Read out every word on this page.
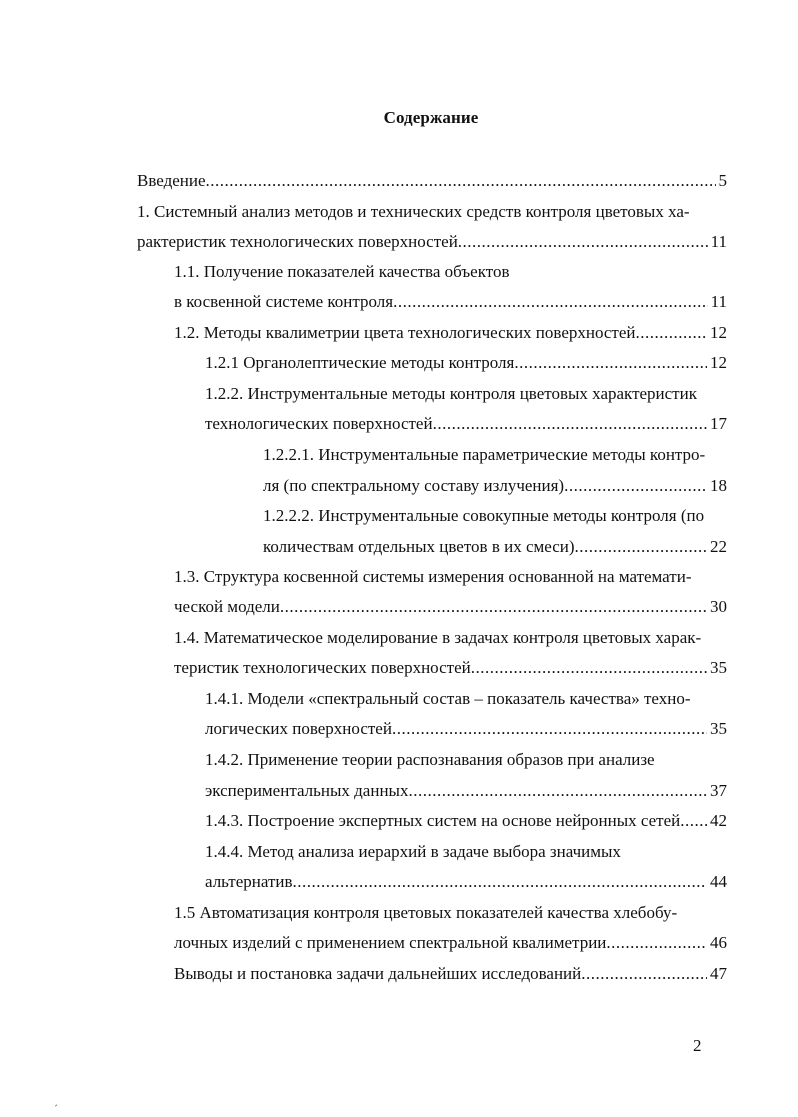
Содержание
Введение .....	5
1. Системный анализ методов и технических средств контроля цветовых ха-
рактеристик технологических поверхностей .....	11
1.1. Получение показателей качества объектов
в косвенной системе контроля .....	11
1.2. Методы квалиметрии цвета технологических поверхностей .....	12
1.2.1 Органолептические методы контроля .....	12
1.2.2. Инструментальные методы контроля цветовых характеристик
технологических поверхностей .....	17
1.2.2.1. Инструментальные параметрические методы контро-
ля (по спектральному составу излучения) .....	18
1.2.2.2. Инструментальные совокупные методы контроля (по
количествам отдельных цветов в их смеси) .....	22
1.3. Структура косвенной системы измерения основанной на математи-
ческой модели .....	30
1.4. Математическое моделирование в задачах контроля цветовых харак-
теристик технологических поверхностей .....	35
1.4.1. Модели «спектральный состав – показатель качества» техно-
логических поверхностей .....	35
1.4.2. Применение теории распознавания образов при анализе
экспериментальных данных .....	37
1.4.3. Построение экспертных систем на основе нейронных сетей ..... 42
1.4.4. Метод анализа иерархий в задаче выбора значимых
альтернатив .....	44
1.5 Автоматизация контроля цветовых показателей качества хлебобу-
лочных изделий с применением спектральной квалиметрии .....	46
Выводы и постановка задачи дальнейших исследований .....	47
2
´
